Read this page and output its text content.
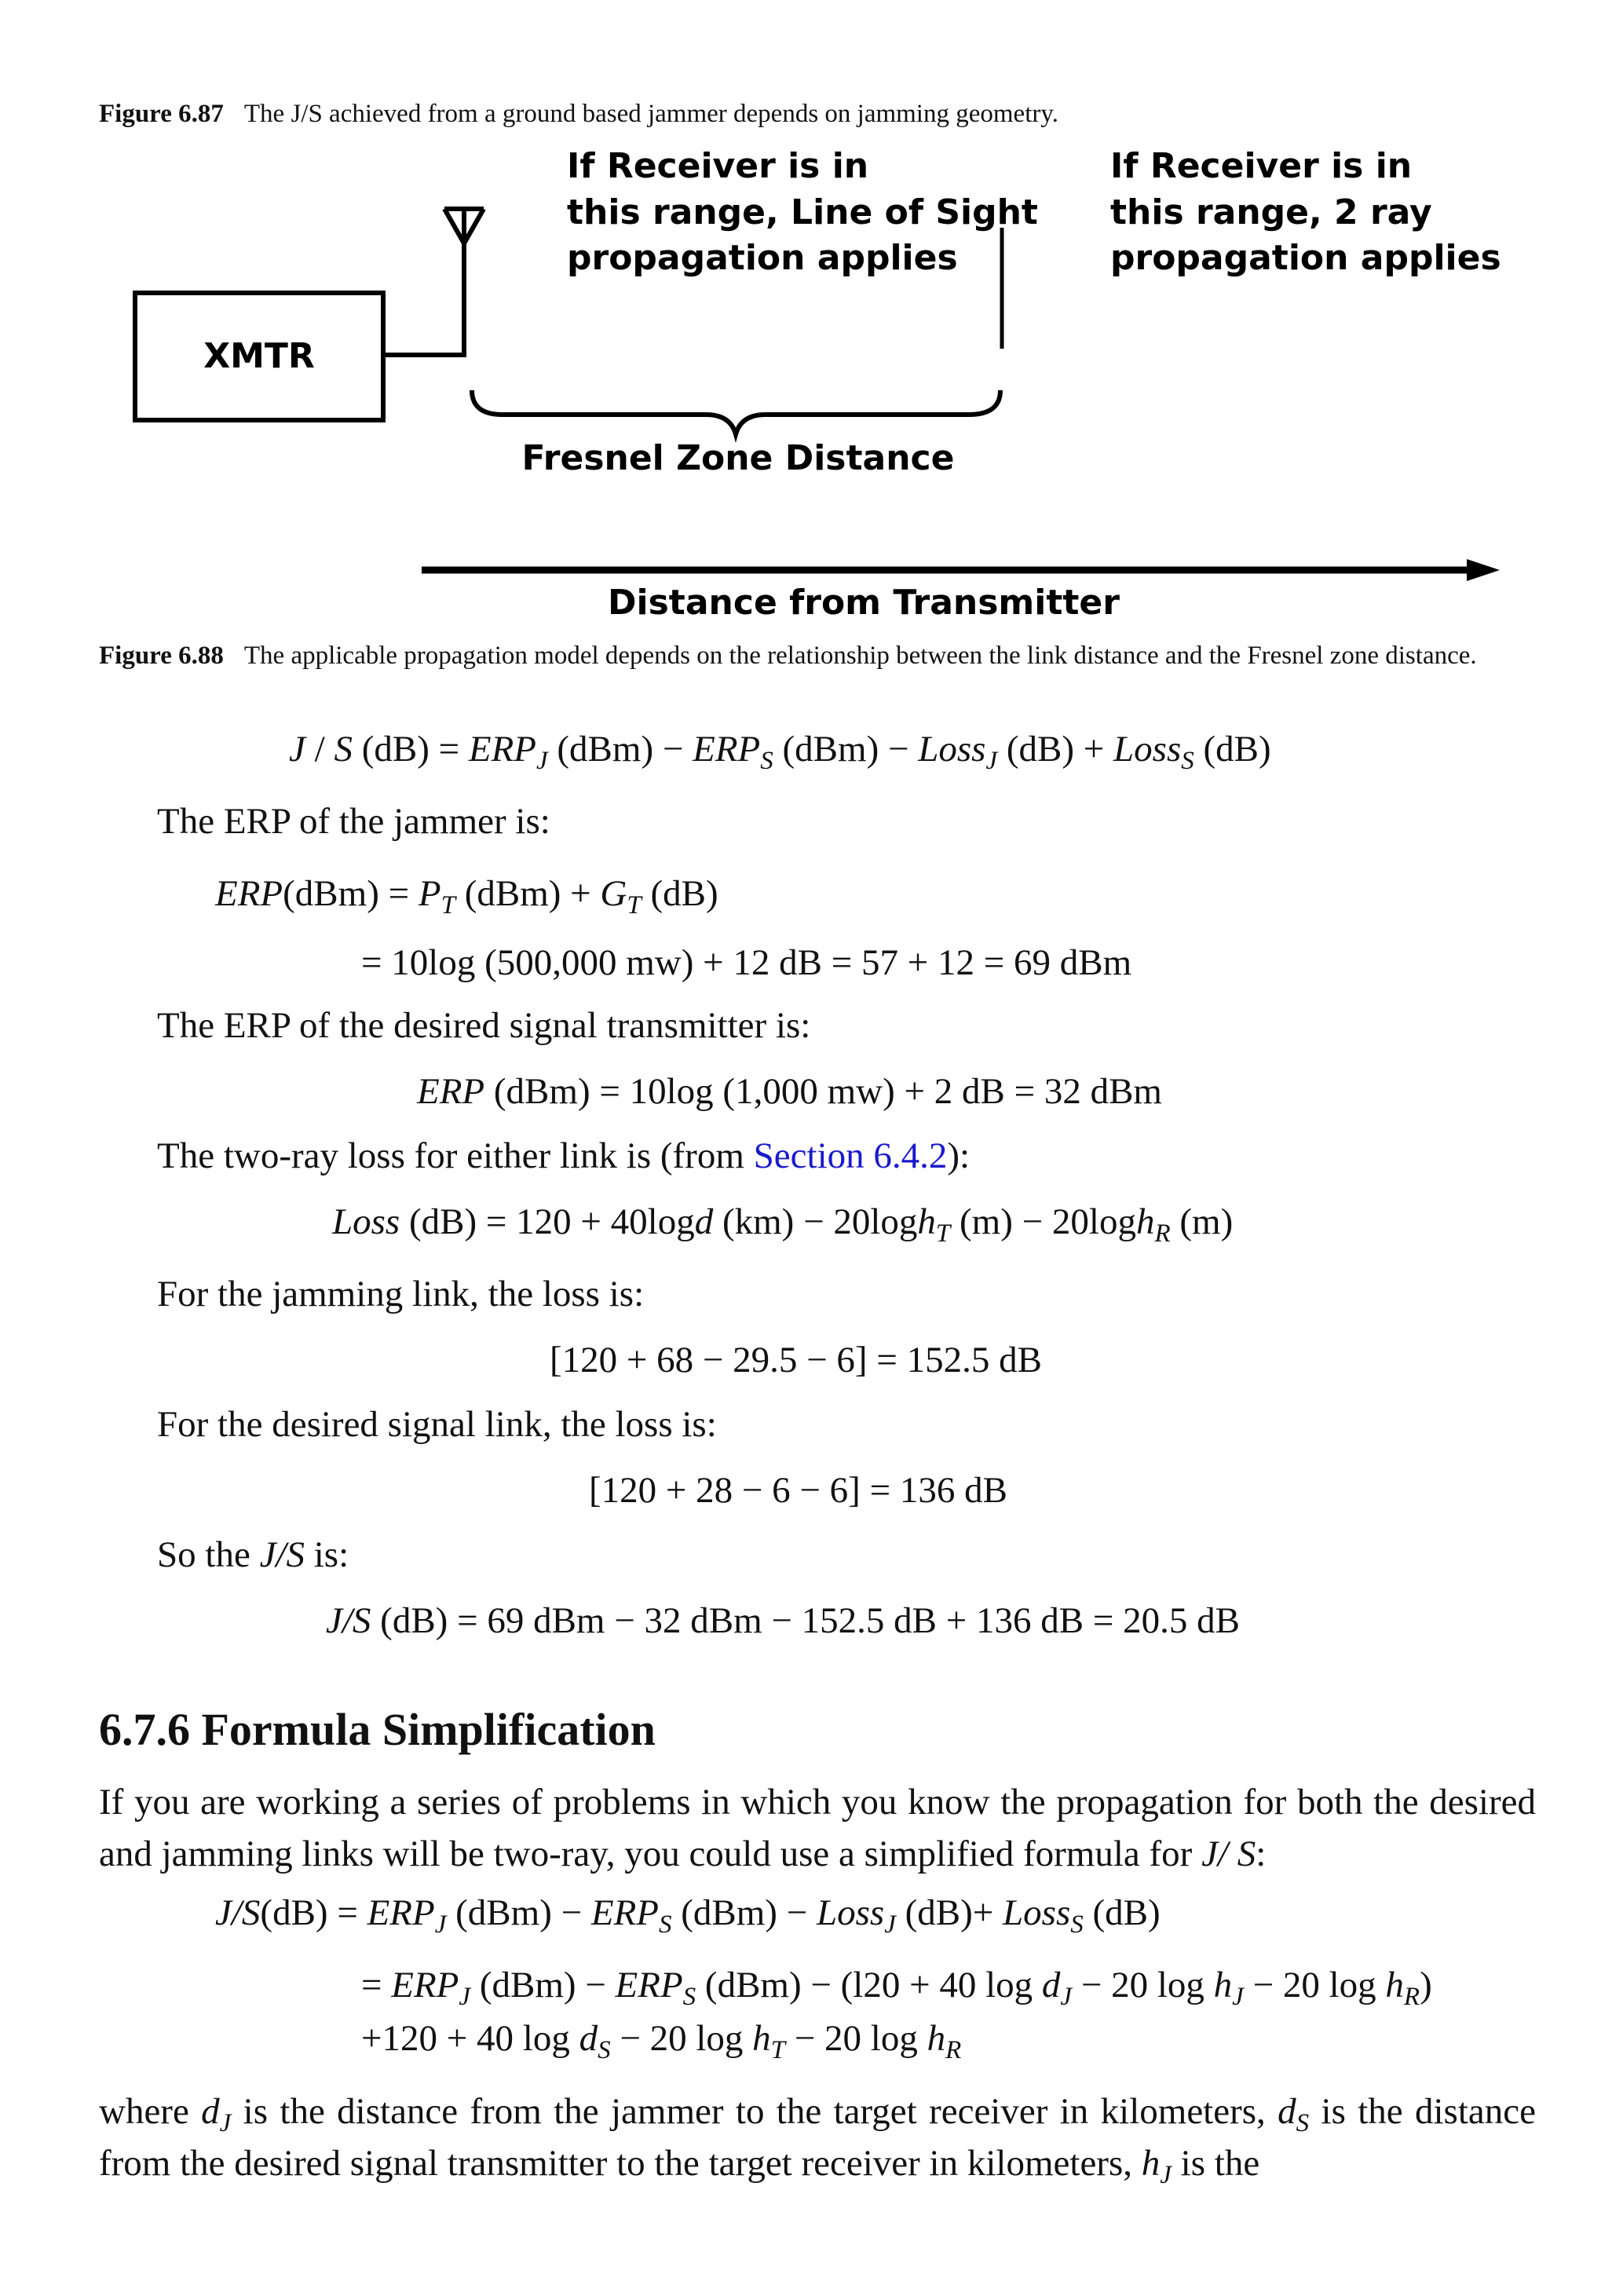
Figure 6.87 The J/S achieved from a ground based jammer depends on jamming geometry.
XMTR
If Receiver is in this range, Line of Sight propagation applies
If Receiver is in this range, 2 ray propagation applies
Fresnel Zone Distance
Distance from Transmitter
Figure 6.88 The applicable propagation model depends on the relationship between the link distance and the Fresnel zone distance.
J / S $(dB) = ERP_J$ $(dBm) - ERP_S$ (dBm) − Loss$_J$ (dB) + Loss$_S$ (dB)
The ERP of the jammer is:
$ERP(dBm) = P_T$ $(dBm) + G_T$ (dB)
= 10log (500,000 mw) + 12 dB = 57 + 12 = 69 dBm
The ERP of the desired signal transmitter is:
ERP (dBm) = 10log (1,000 mw) + 2 dB = 32 dBm
The two-ray loss for either link is (from Section 6.4.2):
Loss (dB) = 120 + 40logd (km) − 20logh$_T$ (m) − 20logh$_R$ (m)
For the jamming link, the loss is:
[120 + 68 − 29.5 − 6] = 152.5 dB
For the desired signal link, the loss is:
[120 + 28 − 6 − 6] = 136 dB
So the J/S is:
J/S (dB) = 69 dBm − 32 dBm − 152.5 dB + 136 dB = 20.5 dB
6.7.6 Formula Simplification
If you are working a series of problems in which you know the propagation for both the desired and jamming links will be two-ray, you could use a simplified formula for J/ S:
$J/S(dB) = ERP_J$ $(dBm) - ERP_S$ (dBm) − Loss$_J$ (dB)+ Loss$_S$ (dB)
= $ERP_J$ $(dBm) - ERP_S$ (dBm) − (l20 + 40 $\log d_J - 20$ $\log h_J - 20$ $\log h_R$)
+120 + 40 $\log d_S - 20$ $\log h_T - 20$ $\log h_R$
where $d_J$ is the distance from the jammer to the target receiver in kilometers, $d_S$ is the distance from the desired signal transmitter to the target receiver in kilometers, $h_J$ is the
